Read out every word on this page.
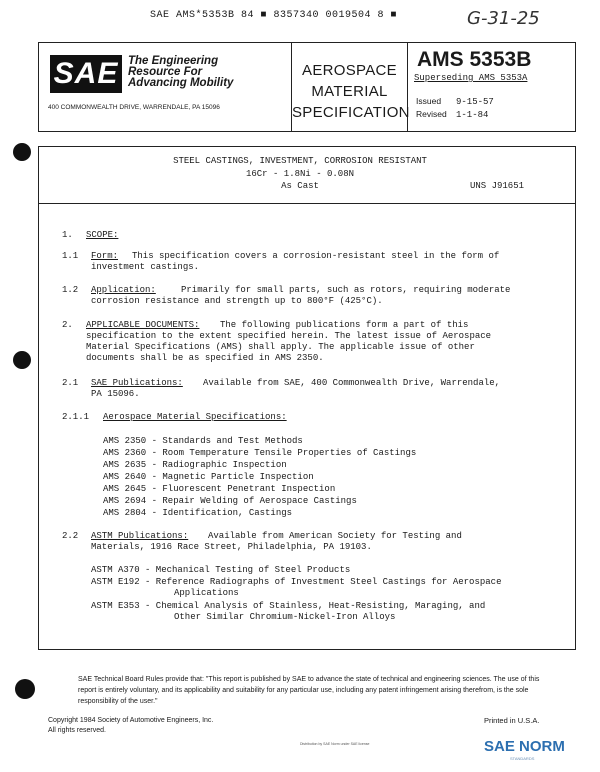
SAE AMS*5353B 84 ■ 8357340 0019504 8 ■	G-31-25
SAE The Engineering
Resource For
Advancing Mobility
400 COMMONWEALTH DRIVE, WARRENDALE, PA 15096
AEROSPACE
MATERIAL
SPECIFICATION
AMS 5353B
Superseding AMS 5353A
Issued 9-15-57
Revised 1-1-84
STEEL CASTINGS, INVESTMENT, CORROSION RESISTANT
16Cr - 1.8Ni - 0.08N
As Cast	UNS J91651
1. SCOPE:
1.1 Form: This specification covers a corrosion-resistant steel in the form of
investment castings.
1.2 Application:	Primarily for small parts, such as rotors, requiring moderate
corrosion resistance and strength up to 800°F (425°C).
2. APPLICABLE DOCUMENTS: The following publications form a part of this
specification to the extent specified herein. The latest issue of Aerospace
Material Specifications (AMS) shall apply. The applicable issue of other
documents shall be as specified in AMS 2350.
2.1 SAE Publications: Available from SAE, 400 Commonwealth Drive, Warrendale,
PA 15096.
2.1.1 Aerospace Material Specifications:
AMS 2350 - Standards and Test Methods
AMS 2360 - Room Temperature Tensile Properties of Castings
AMS 2635 - Radiographic Inspection
AMS 2640 - Magnetic Particle Inspection
AMS 2645 - Fluorescent Penetrant Inspection
AMS 2694 - Repair Welding of Aerospace Castings
AMS 2804 - Identification, Castings
2.2 ASTM Publications: Available from American Society for Testing and
Materials, 1916 Race Street, Philadelphia, PA 19103.
ASTM A370 - Mechanical Testing of Steel Products
ASTM E192 - Reference Radiographs of Investment Steel Castings for Aerospace
Applications
ASTM E353 - Chemical Analysis of Stainless, Heat-Resisting, Maraging, and
Other Similar Chromium-Nickel-Iron Alloys
SAE Technical Board Rules provide that: "This report is published by SAE to advance the state of technical and engineering sciences. The use of this report is entirely voluntary, and its applicability and suitability for any particular use, including any patent infringement arising therefrom, is the sole responsibility of the user."
Copyright 1984 Society of Automotive Engineers, Inc.
All rights reserved.
Printed in U.S.A.
Distribution by SAE Norm under SAE license	SAE NORM
STANDARDS
